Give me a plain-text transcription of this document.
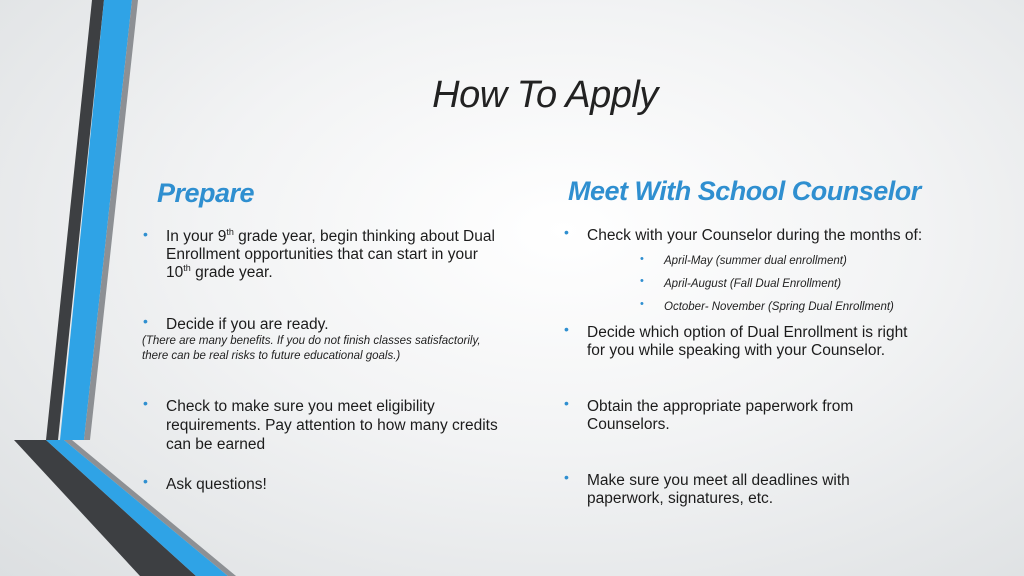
How To Apply
Prepare
• In your 9th grade year, begin thinking about Dual Enrollment opportunities that can start in your
10th grade year.
• Decide if you are ready.
(There are many benefits. If you do not finish classes satisfactorily,
there can be real risks to future educational goals.)
• Check to make sure you meet eligibility
requirements. Pay attention to how many credits
can be earned
• Ask questions!
Meet With School Counselor
• Check with your Counselor during the months of:
• April-May (summer dual enrollment)
• April-August (Fall Dual Enrollment)
• October- November (Spring Dual Enrollment)
• Decide which option of Dual Enrollment is right
for you while speaking with your Counselor.
• Obtain the appropriate paperwork from
Counselors.
• Make sure you meet all deadlines with
paperwork, signatures, etc.
